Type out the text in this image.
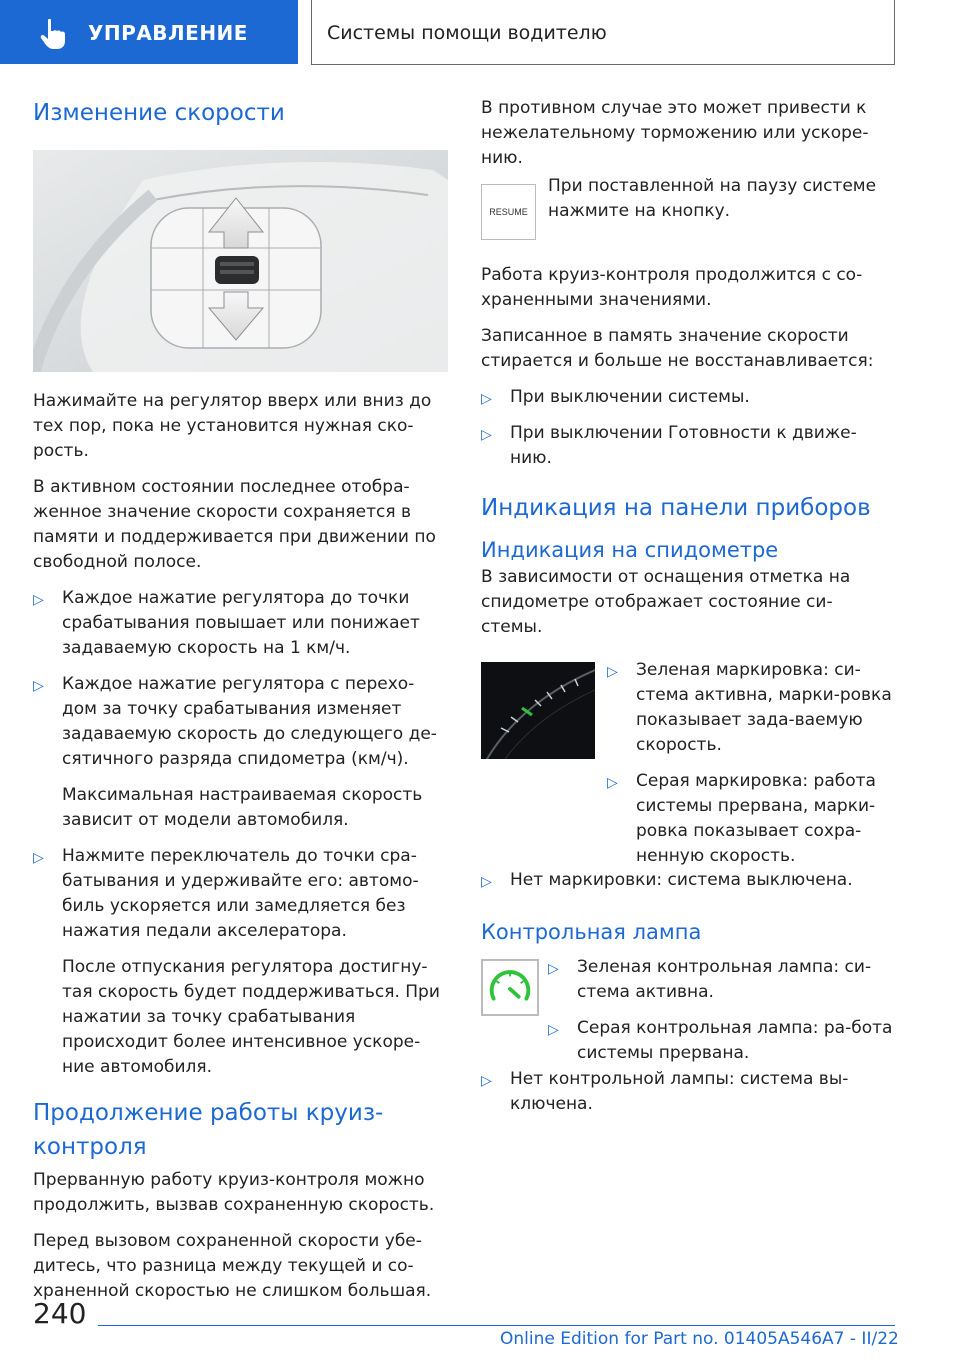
УПРАВЛЕНИЕ	Системы помощи водителю
Изменение скорости

Нажимайте на регулятор вверх или вниз до тех пор, пока не установится нужная ско-рость.

В активном состоянии последнее отобра-женное значение скорости сохраняется в памяти и поддерживается при движении по свободной полосе.

▷ Каждое нажатие регулятора до точки срабатывания повышает или понижает задаваемую скорость на 1 км/ч.
▷ Каждое нажатие регулятора с перехо-дом за точку срабатывания изменяет задаваемую скорость до следующего де-сятичного разряда спидометра (км/ч).
Максимальная настраиваемая скорость зависит от модели автомобиля.
▷ Нажмите переключатель до точки сра-батывания и удерживайте его: автомо-биль ускоряется или замедляется без нажатия педали акселератора.
После отпускания регулятора достигну-тая скорость будет поддерживаться. При нажатии за точку срабатывания происходит более интенсивное ускоре-ние автомобиля.
Продолжение работы круиз-контроля

Прерванную работу круиз-контроля можно продолжить, вызвав сохраненную скорость.

Перед вызовом сохраненной скорости убе-дитесь, что разница между текущей и со-храненной скоростью не слишком большая.

В противном случае это может привести к нежелательному торможению или ускоре-нию.

RESUME

При поставленной на паузу системе нажмите на кнопку.

Работа круиз-контроля продолжится с со-храненными значениями.

Записанное в память значение скорости стирается и больше не восстанавливается:

▷ При выключении системы.
▷ При выключении Готовности к движе-нию.
Индикация на панели приборов
Индикация на спидометре

В зависимости от оснащения отметка на спидометре отображает состояние си-стемы.

▷ Зеленая маркировка: си-стема активна, марки-ровка показывает зада-ваемую скорость.
▷ Серая маркировка: работа системы прервана, марки-ровка показывает сохра-ненную скорость.
▷ Нет маркировки: система выключена.
Контрольная лампа
▷ Зеленая контрольная лампа: си-стема активна.
▷ Серая контрольная лампа: ра-бота системы прервана.
▷ Нет контрольной лампы: система вы-ключена.
240
Online Edition for Part no. 01405A546A7 - II/22
